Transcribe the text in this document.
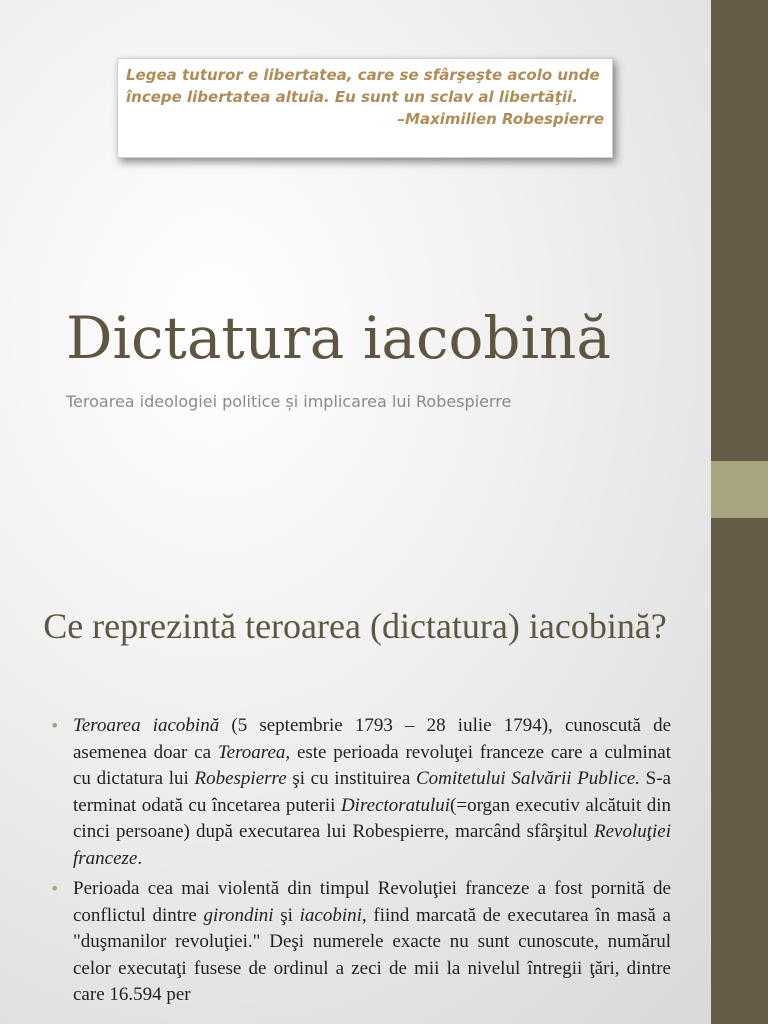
Legea tuturor e libertatea, care se sfârşeşte acolo unde
începe libertatea altuia. Eu sunt un sclav al libertăţii.
–Maximilien Robespierre
Dictatura iacobină
Teroarea ideologiei politice și implicarea lui Robespierre
Ce reprezintă teroarea (dictatura) iacobină?
• Teroarea iacobină (5 septembrie 1793 – 28 iulie 1794), cunoscută de asemenea doar ca Teroarea, este perioada revoluţei franceze care a culminat cu dictatura lui Robespierre şi cu instituirea Comitetului Salvării Publice. S-a terminat odată cu încetarea puterii Directoratului(=organ executiv alcătuit din cinci persoane) după executarea lui Robespierre, marcând sfârşitul Revoluţiei franceze.
• Perioada cea mai violentă din timpul Revoluţiei franceze a fost pornită de conflictul dintre girondini şi iacobini, fiind marcată de executarea în masă a "duşmanilor revoluţiei." Deşi numerele exacte nu sunt cunoscute, numărul celor executaţi fusese de ordinul a zeci de mii la nivelul întregii ţări, dintre care 16.594 per
